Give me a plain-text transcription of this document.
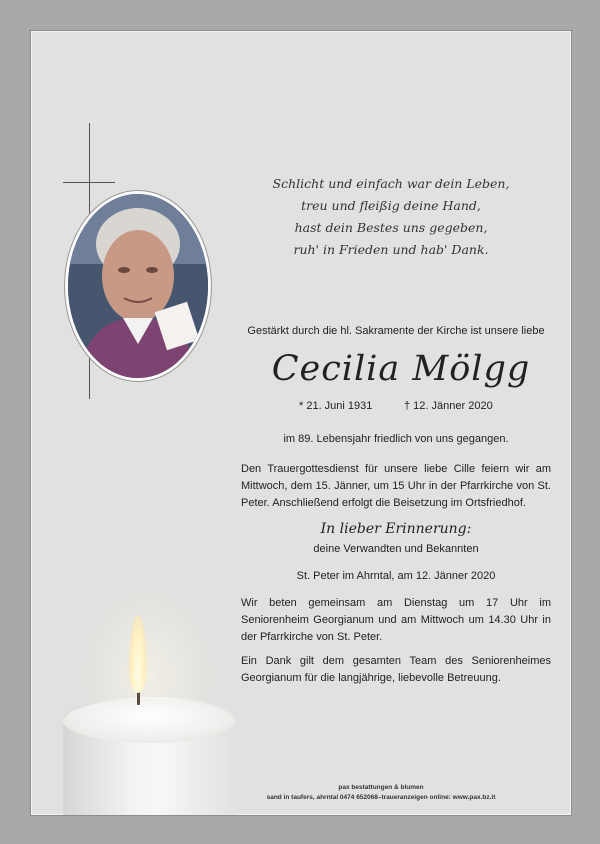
Schlicht und einfach war dein Leben,
treu und fleißig deine Hand,
hast dein Bestes uns gegeben,
ruh' in Frieden und hab' Dank.
Gestärkt durch die hl. Sakramente der Kirche ist unsere liebe
Cecilia Mölgg
* 21. Juni 1931	† 12. Jänner 2020
im 89. Lebensjahr friedlich von uns gegangen.
Den Trauergottesdienst für unsere liebe Cille feiern wir am Mittwoch, dem 15. Jänner, um 15 Uhr in der Pfarrkirche von St. Peter. Anschließend erfolgt die Beisetzung im Ortsfriedhof.
In lieber Erinnerung:
deine Verwandten und Bekannten
St. Peter im Ahrntal, am 12. Jänner 2020
Wir beten gemeinsam am Dienstag um 17 Uhr im Seniorenheim Georgianum und am Mittwoch um 14.30 Uhr in der Pfarrkirche von St. Peter.
Ein Dank gilt dem gesamten Team des Seniorenheimes Georgianum für die langjährige, liebevolle Betreuung.
pax bestattungen & blumen
sand in taufers, ahrntal 0474 652068–traueranzeigen online: www.pax.bz.it
